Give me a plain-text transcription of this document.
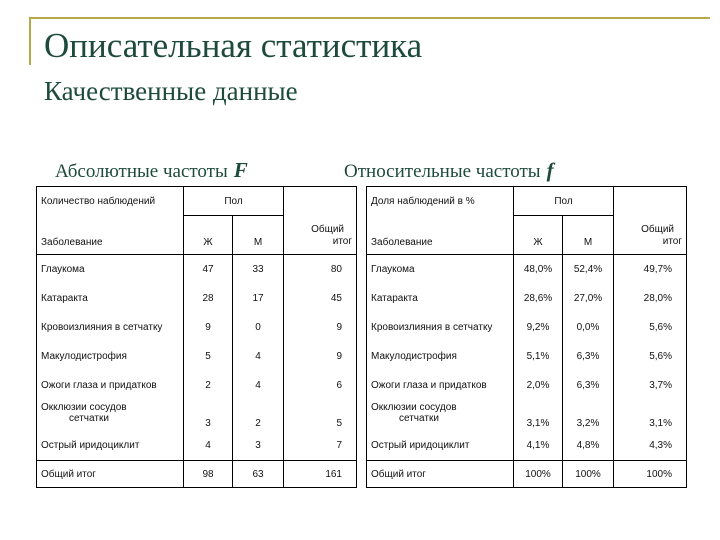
Описательная статистика
Качественные данные
Абсолютные частоты F	Относительные частоты f
Количество наблюдений	Пол		Общий
итог
Заболевание	Ж	М	
Глаукома	47	33	80
Катаракта	28	17	45
Кровоизлияния в сетчатку	9	0	9
Макулодистрофия	5	4	9
Ожоги глаза и придатков	2	4	6
Окклюзии сосудов
сетчатки	3	2	5
Острый иридоциклит	4	3	7
Общий итог	98	63	161
Доля наблюдений в %	Пол		Общий
итог
Заболевание	Ж	М	
Глаукома	48,0%	52,4%	49,7%
Катаракта	28,6%	27,0%	28,0%
Кровоизлияния в сетчатку	9,2%	0,0%	5,6%
Макулодистрофия	5,1%	6,3%	5,6%
Ожоги глаза и придатков	2,0%	6,3%	3,7%
Окклюзии сосудов
сетчатки	3,1%	3,2%	3,1%
Острый иридоциклит	4,1%	4,8%	4,3%
Общий итог	100%	100%	100%
